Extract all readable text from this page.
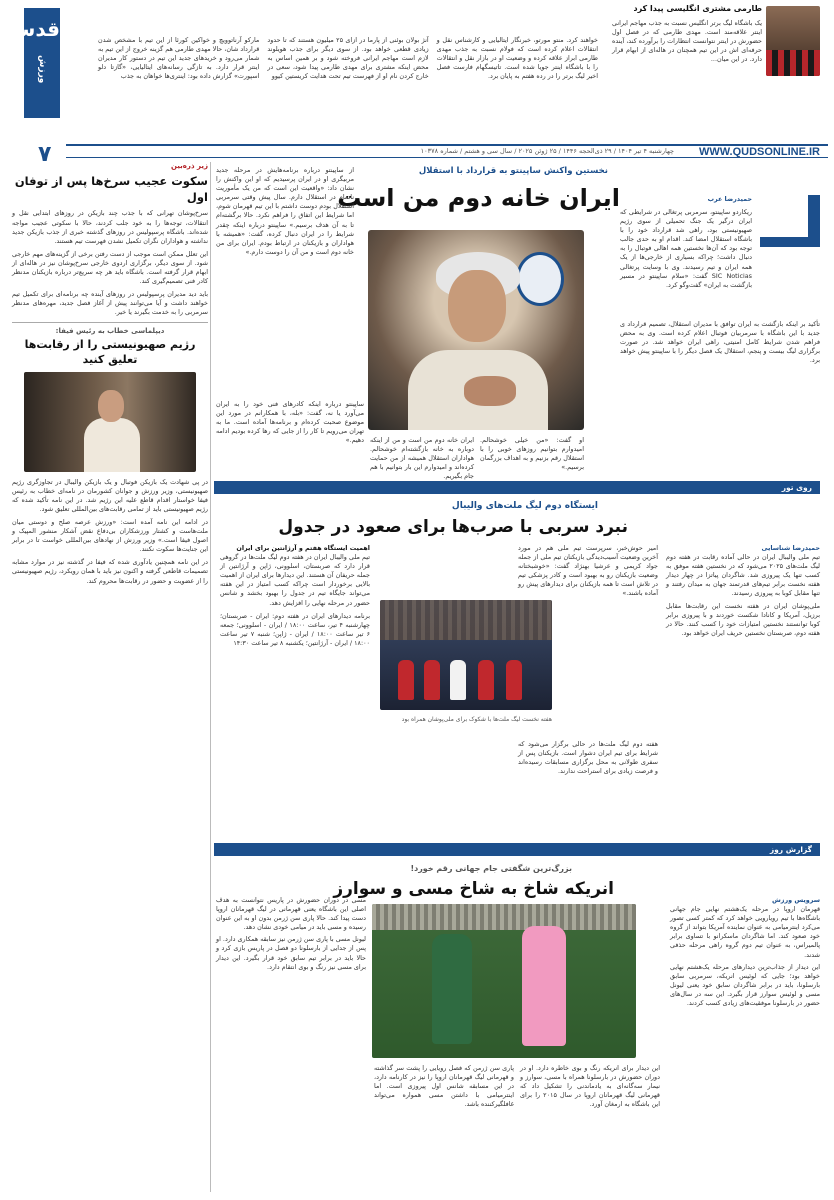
قدس
ورزش
۷
طارمی مشتری انگلیسی پیدا کرد
یک باشگاه لیگ برتر انگلیس نسبت به جذب مهاجم ایرانی اینتر علاقه‌مند است. مهدی طارمی که در فصل اول حضورش در اینتر نتوانست انتظارات را برآورده کند، آینده حرفه‌ای اش در این تیم همچنان در هاله‌ای از ابهام قرار دارد. در این میان...
خواهند کرد. منتو مورتو، خبرنگار ایتالیایی و کارشناس نقل و انتقالات اعلام کرده است که فولام نسبت به جذب مهدی طارمی ابراز علاقه کرده و وضعیت او در بازار نقل و انتقالات را با باشگاه اینتر جویا شده است. تاتیسگهام فارست فصل اخیر لیگ برتر را در رده هفتم به پایان برد.
آنژ بولان بوئنی از پارما در ازای ۲۵ میلیون هستند که تا حدود زیادی قطعی خواهد بود. از سوی دیگر برای جذب هویلوند لازم است مهاجم ایرانی فروخته شود و بر همین اساس به محض اینکه مشتری برای مهدی طارمی پیدا شود، سعی در خارج کردن نام او از فهرست تیم تحت هدایت کریستین کیوو
مارکو آرناتوویچ و خواکین کورئا از این تیم با مشخص شدن قرارداد شان، حالا مهدی طارمی هم گزینه خروج از این تیم به شمار می‌رود و خریدهای جدید این تیم در دستور کار مدیران اینتر قرار دارد. به تازگی رسانه‌های ایتالیایی، «گازتا دلو اسپورت» گزارش داده بود: اینتری‌ها خواهان به جذب
WWW.QUDSONLINE.IR
چهارشنبه ۴ تیر ۱۴۰۴ / ۲۹ ذی‌الحجه ۱۴۴۶ / ۲۵ ژوئن ۲۰۲۵ / سال سی و هشتم / شماره ۱۰۳۷۸
نخستین واکنش ساپینتو به قرارداد با استقلال
ایران خانه دوم من است	حمیدرضا عرب
ریکاردو ساپینتو، سرمربی پرتغالی در شرایطی که ایران درگیر یک جنگ تحمیلی از سوی رژیم صهیونیستی بود، راهی شد قرارداد خود را با باشگاه استقلال امضا کند. اقدام او به حدی جالب توجه بود که آن‌ها نخستین همه اهالی فوتبال را به دنبال داشت؛ چراکه بسیاری از خارجی‌ها از یک همه ایران و تیم رسیدند. وی با وسایت پرتغالی SIC Noticias گفت: «سلام ساپینتو در مسیر بازگشت به ایران» گفت‌وگو کرد.
تأکید بر اینکه بازگشت به ایران توافق با مدیران استقلال، تصمیم قرارداد ی جدید با این باشگاه با سرمربیان فوتبال اعلام کرده است. وی به محض فراهم شدن شرایط کامل امنیتی، راهی ایران خواهد شد. در صورت برگزاری لیگ بیست و پنجم، استقلال یک فصل دیگر را با ساپینتو پیش خواهد برد.
از ساپینتو درباره برنامه‌هایش در مرحله جدید مربیگری او در ایران پرسیدیم که او این واکنش را نشان داد: «واقعیت این است که من یک مأموریت ناتمام در استقلال دارم. سال پیش وقتی سرمربی استقلال بودم دوست داشتم با این تیم قهرمان شوم، اما شرایط این اتفاق را فراهم نکرد. حالا برگشته‌ام تا به آن هدف برسیم.» ساپینتو درباره اینکه چقدر شرایط را در ایران دنبال کرده، گفت: «همیشه با هواداران و بازیکنان در ارتباط بودم. ایران برای من خانه دوم است و من آن را دوست دارم.»
ساپینتو درباره اینکه کادرهای فنی خود را به ایران می‌آورد یا نه، گفت: «بله، با همکارانم در مورد این موضوع صحبت کرده‌ام و برنامه‌ها آماده است. ما به تهران می‌رویم تا کار را از جایی که رها کرده بودیم ادامه دهیم.» ایران خانه دوم من است و من از اینکه دوباره به خانه بازگشته‌ام خوشحالم. هواداران استقلال همیشه از من حمایت کرده‌اند و امیدوارم این بار بتوانیم با هم جام بگیریم.
او گفت: «من خیلی خوشحالم. امیدوارم بتوانیم روزهای خوبی را با استقلال رقم بزنیم و به اهداف بزرگمان برسیم.»
زیر ذره‌بین
سکوت عجیب سرخ‌ها پس از توفان اول
سرخ‌پوشان تهرانی که با جذب چند بازیکن در روزهای ابتدایی نقل و انتقالات، توجه‌ها را به خود جلب کردند، حالا با سکوتی عجیب مواجه شده‌اند. باشگاه پرسپولیس در روزهای گذشته خبری از جذب بازیکن جدید نداشته و هواداران نگران تکمیل نشدن فهرست تیم هستند.
این تعلل ممکن است موجب از دست رفتن برخی از گزینه‌های مهم خارجی شود. از سوی دیگر، برگزاری اردوی خارجی سرخ‌پوشان نیز در هاله‌ای از ابهام قرار گرفته است. باشگاه باید هر چه سریع‌تر درباره بازیکنان مدنظر کادر فنی تصمیم‌گیری کند.
باید دید مدیران پرسپولیس در روزهای آینده چه برنامه‌ای برای تکمیل تیم خواهند داشت و آیا می‌توانند پیش از آغاز فصل جدید، مهره‌های مدنظر سرمربی را به خدمت بگیرند یا خیر.
دیپلماسی خطاب به رئیس فیفا:
رژیم صهیونیستی را از رقابت‌ها تعلیق کنید
در پی شهادت یک بازیکن فوتبال و یک بازیکن والیبال در تجاوزگری رژیم صهیونیستی، وزیر ورزش و جوانان کشورمان در نامه‌ای خطاب به رئیس فیفا خواستار اقدام قاطع علیه این رژیم شد. در این نامه تأکید شده که رژیم صهیونیستی باید از تمامی رقابت‌های بین‌المللی تعلیق شود.
در ادامه این نامه آمده است: «ورزش عرصه صلح و دوستی میان ملت‌هاست و کشتار ورزشکاران بی‌دفاع نقض آشکار منشور المپیک و اصول فیفا است.» وزیر ورزش از نهادهای بین‌المللی خواست تا در برابر این جنایت‌ها سکوت نکنند.
در این نامه همچنین یادآوری شده که فیفا در گذشته نیز در موارد مشابه تصمیمات قاطعی گرفته و اکنون نیز باید با همان رویکرد، رژیم صهیونیستی را از عضویت و حضور در رقابت‌ها محروم کند.
روی تور
ایستگاه دوم لیگ ملت‌های والیبال
نبرد سربی با صرب‌ها برای صعود در جدول
حمیدرضا شناسایی
تیم ملی والیبال ایران در حالی آماده رقابت در هفته دوم لیگ ملت‌های ۲۰۲۵ می‌شود که در نخستین هفته موفق به کسب تنها یک پیروزی شد. شاگردان پیاتزا در چهار دیدار هفته نخست برابر تیم‌های قدرتمند جهان به میدان رفتند و تنها مقابل کوبا به پیروزی رسیدند.
ملی‌پوشان ایران در هفته نخست این رقابت‌ها مقابل برزیل، آمریکا و کانادا شکست خوردند و با پیروزی برابر کوبا توانستند نخستین امتیازات خود را کسب کنند. حالا در هفته دوم، صربستان نخستین حریف ایران خواهد بود.
امیر حوش‌خبر، سرپرست تیم ملی هم در مورد آخرین وضعیت آسیب‌دیدگی بازیکنان تیم ملی از جمله جواد کریمی و عرشیا بهنژاد گفت: «خوشبختانه وضعیت بازیکنان رو به بهبود است و کادر پزشکی تیم در تلاش است تا همه بازیکنان برای دیدارهای پیش رو آماده باشند.»
هفته نخست لیگ ملت‌ها با شکوک برای ملی‌پوشان همراه بود
هفته دوم لیگ ملت‌ها در حالی برگزار می‌شود که شرایط برای تیم ایران دشوار است. بازیکنان پس از سفری طولانی به محل برگزاری مسابقات رسیده‌اند و فرصت زیادی برای استراحت ندارند.
اهمیت ایستگاه هفتم و آرژانتین برای ایران
تیم ملی والیبال ایران در هفته دوم لیگ ملت‌ها در گروهی قرار دارد که صربستان، اسلوونی، ژاپن و آرژانتین از جمله حریفان آن هستند. این دیدارها برای ایران از اهمیت بالایی برخوردار است چراکه کسب امتیاز در این هفته می‌تواند جایگاه تیم در جدول را بهبود بخشد و شانس حضور در مرحله نهایی را افزایش دهد.
برنامه دیدارهای ایران در هفته دوم: ایران - صربستان؛ چهارشنبه ۴ تیر، ساعت ۱۸:۰۰ / ایران - اسلوونی؛ جمعه ۶ تیر ساعت ۱۸:۰۰ / ایران - ژاپن؛ شنبه ۷ تیر ساعت ۱۸:۰۰ / ایران - آرژانتین؛ یکشنبه ۸ تیر ساعت ۱۴:۳۰
گزارش روز
بزرگ‌ترین شگفتی جام جهانی رقم خورد!
انریکه شاخ به شاخ مسی و سوارز
سرویس ورزش
قهرمان اروپا در مرحله یک‌هشتم نهایی جام جهانی باشگاه‌ها با تیم رویارویی خواهد کرد که کمتر کسی تصور می‌کرد اینترمیامی به عنوان نماینده آمریکا بتواند از گروه خود صعود کند. اما شاگردان ماسکرانو با تساوی برابر پالمیراس، به عنوان تیم دوم گروه راهی مرحله حذفی شدند.
این دیدار از جذاب‌ترین دیدارهای مرحله یک‌هشتم نهایی خواهد بود؛ جایی که لوئیس انریکه، سرمربی سابق بارسلونا، باید در برابر شاگردان سابق خود یعنی لیونل مسی و لوئیس سوارز قرار بگیرد. این سه در سال‌های حضور در بارسلونا موفقیت‌های زیادی کسب کردند.
مسی در دوران حضورش در پاریس نتوانست به هدف اصلی این باشگاه یعنی قهرمانی در لیگ قهرمانان اروپا دست پیدا کند. حالا پاری سن ژرمن بدون او به این عنوان رسیده و مسی باید در میامی خودی نشان دهد.
لیونل مسی با پاری سن ژرمن نیز سابقه همکاری دارد. او پس از جدایی از بارسلونا دو فصل در پاریس بازی کرد و حالا باید در برابر تیم سابق خود قرار بگیرد. این دیدار برای مسی نیز رنگ و بوی انتقام دارد.
این دیدار برای انریکه رنگ و بوی خاطره دارد. او در دوران حضورش در بارسلونا همراه با مسی، سوارز و نیمار سه‌گانه‌ای به یادماندنی را تشکیل داد که قهرمانی لیگ قهرمانان اروپا در سال ۲۰۱۵ را برای این باشگاه به ارمغان آورد.
پاری سن ژرمن که فصل رویایی را پشت سر گذاشته و قهرمانی لیگ قهرمانان اروپا را نیز در کارنامه دارد، در این مسابقه شانس اول پیروزی است. اما اینترمیامی با داشتن مسی همواره می‌تواند غافلگیرکننده باشد.
